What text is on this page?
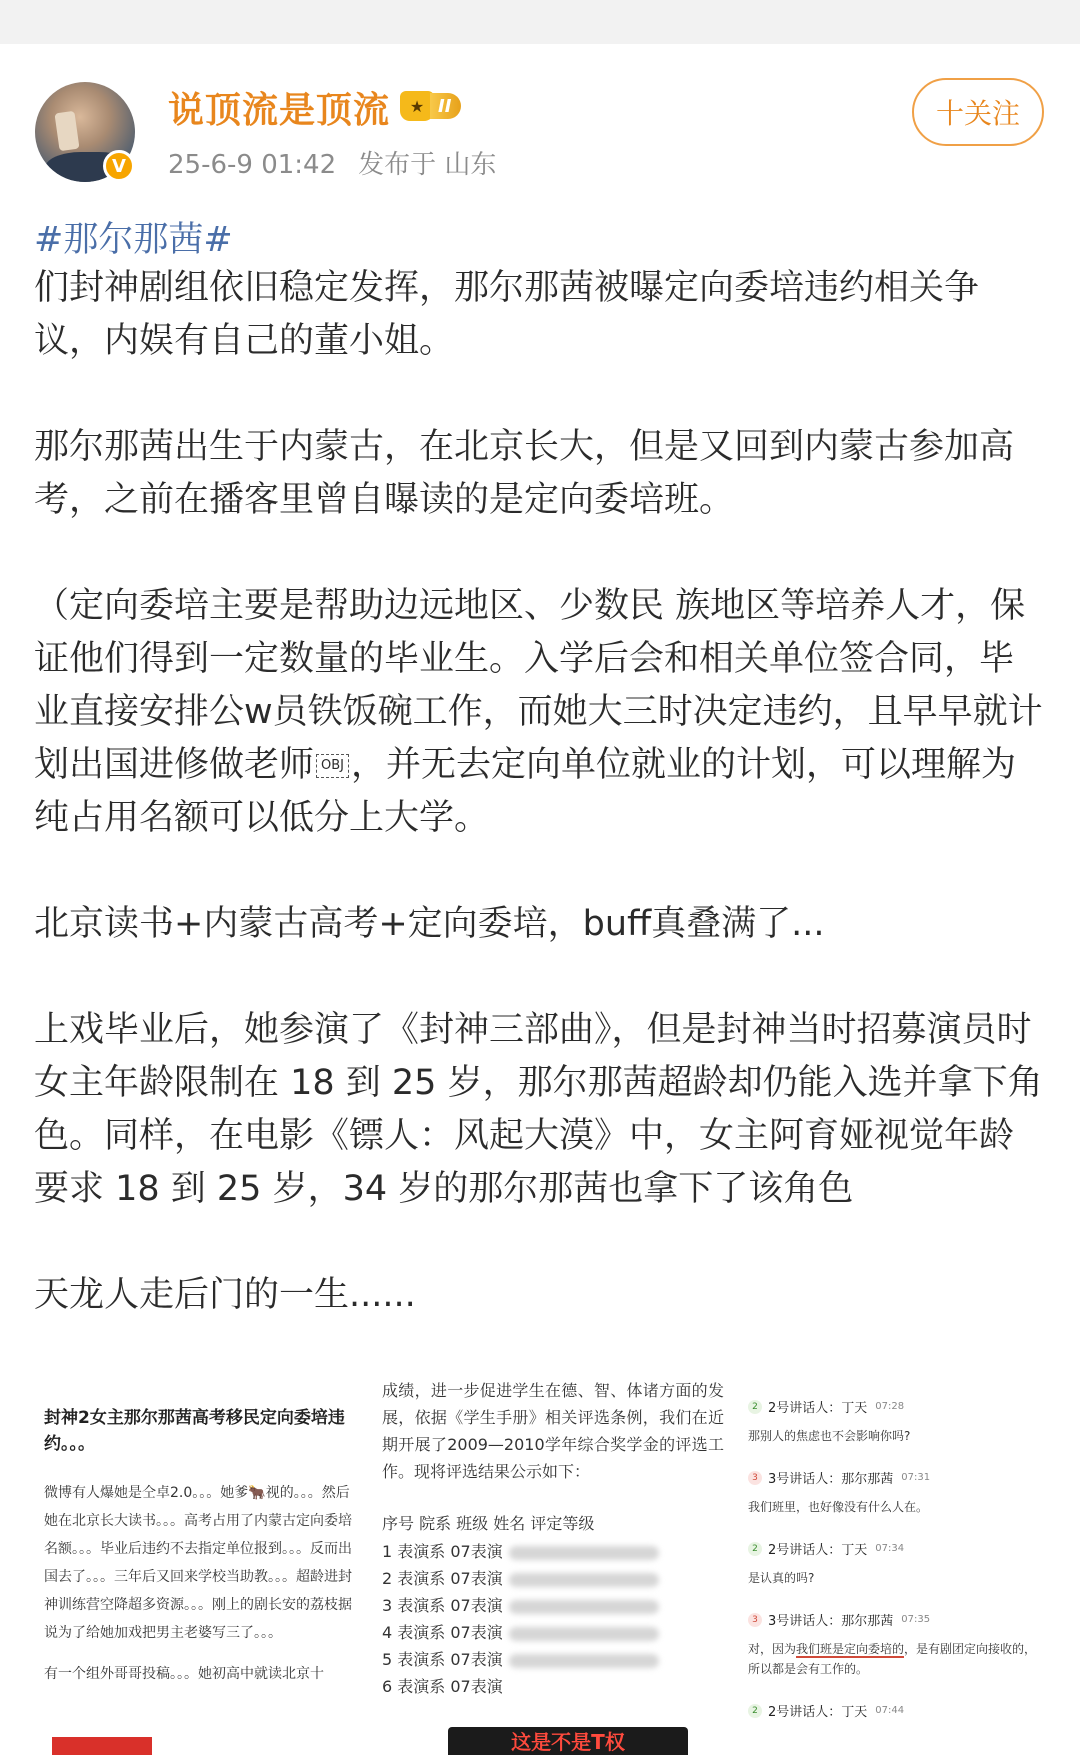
V
说顶流是顶流	★ II
25-6-9 01:42 发布于 山东
十关注
#那尔那茜#

们封神剧组依旧稳定发挥，那尔那茜被曝定向委培违约相关争议，内娱有自己的董小姐。

那尔那茜出生于内蒙古，在北京长大，但是又回到内蒙古参加高考，之前在播客里曾自曝读的是定向委培班。

（定向委培主要是帮助边远地区、少数民 族地区等培养人才，保证他们得到一定数量的毕业生。入学后会和相关单位签合同，毕业直接安排公w员铁饭碗工作，而她大三时决定违约，且早早就计划出国进修做老师 OBJ ，并无去定向单位就业的计划，可以理解为纯占用名额可以低分上大学。

北京读书+内蒙古高考+定向委培，buff真叠满了...

上戏毕业后，她参演了《封神三部曲》，但是封神当时招募演员时女主年龄限制在 18 到 25 岁，那尔那茜超龄却仍能入选并拿下角色。同样，在电影《镖人：风起大漠》中，女主阿育娅视觉年龄要求 18 到 25 岁，34 岁的那尔那茜也拿下了该角色

天龙人走后门的一生......

封神2女主那尔那茜高考移民定向委培违约。。。
微博有人爆她是仝卓2.0。。。她爹🐂视的。。。然后她在北京长大读书。。。高考占用了内蒙古定向委培名额。。。毕业后违约不去指定单位报到。。。反而出国去了。。。三年后又回来学校当助教。。。超龄进封神训练营空降超多资源。。。刚上的剧长安的荔枝据说为了给她加戏把男主老婆写三了。。。
有一个组外哥哥投稿。。。她初高中就读北京十
成绩，进一步促进学生在德、智、体诸方面的发展，依据《学生手册》相关评选条例，我们在近期开展了2009—2010学年综合奖学金的评选工作。现将评选结果公示如下：
序号 院系 班级 姓名 评定等级
1 表演系 07表演
2 表演系 07表演
3 表演系 07表演
4 表演系 07表演
5 表演系 07表演
6 表演系 07表演
这是不是T权
2 2号讲话人：丁天 07:28
那别人的焦虑也不会影响你吗?
3 3号讲话人：那尔那茜 07:31
我们班里，也好像没有什么人在。
2 2号讲话人：丁天 07:34
是认真的吗?
3 3号讲话人：那尔那茜 07:35
对，因为我们班是定向委培的，是有剧团定向接收的，所以都是会有工作的。
2 2号讲话人：丁天 07:44
